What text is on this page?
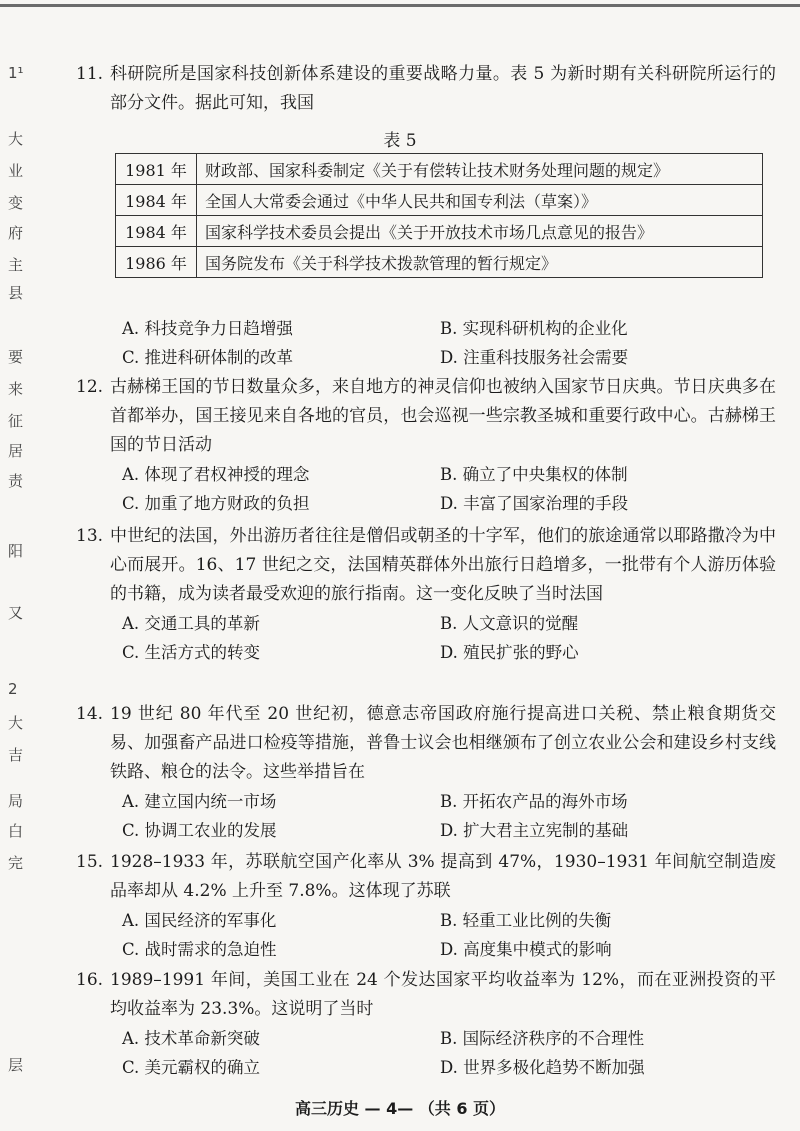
1¹
大
业
变
府
主
县
要
来
征
居
责
阳
又
2
大
吉
局
白
完
层
11. 科研院所是国家科技创新体系建设的重要战略力量。表 5 为新时期有关科研院所运行的部分文件。据此可知，我国
表 5
1981 年	财政部、国家科委制定《关于有偿转让技术财务处理问题的规定》
1984 年	全国人大常委会通过《中华人民共和国专利法（草案）》
1984 年	国家科学技术委员会提出《关于开放技术市场几点意见的报告》
1986 年	国务院发布《关于科学技术拨款管理的暂行规定》
A. 科技竞争力日趋增强	B. 实现科研机构的企业化
C. 推进科研体制的改革	D. 注重科技服务社会需要
12. 古赫梯王国的节日数量众多，来自地方的神灵信仰也被纳入国家节日庆典。节日庆典多在首都举办，国王接见来自各地的官员，也会巡视一些宗教圣城和重要行政中心。古赫梯王国的节日活动
A. 体现了君权神授的理念	B. 确立了中央集权的体制
C. 加重了地方财政的负担	D. 丰富了国家治理的手段
13. 中世纪的法国，外出游历者往往是僧侣或朝圣的十字军，他们的旅途通常以耶路撒冷为中心而展开。16、17 世纪之交，法国精英群体外出旅行日趋增多，一批带有个人游历体验的书籍，成为读者最受欢迎的旅行指南。这一变化反映了当时法国
A. 交通工具的革新	B. 人文意识的觉醒
C. 生活方式的转变	D. 殖民扩张的野心
14. 19 世纪 80 年代至 20 世纪初，德意志帝国政府施行提高进口关税、禁止粮食期货交易、加强畜产品进口检疫等措施，普鲁士议会也相继颁布了创立农业公会和建设乡村支线铁路、粮仓的法令。这些举措旨在
A. 建立国内统一市场	B. 开拓农产品的海外市场
C. 协调工农业的发展	D. 扩大君主立宪制的基础
15. 1928–1933 年，苏联航空国产化率从 3% 提高到 47%，1930–1931 年间航空制造废品率却从 4.2% 上升至 7.8%。这体现了苏联
A. 国民经济的军事化	B. 轻重工业比例的失衡
C. 战时需求的急迫性	D. 高度集中模式的影响
16. 1989–1991 年间，美国工业在 24 个发达国家平均收益率为 12%，而在亚洲投资的平均收益率为 23.3%。这说明了当时
A. 技术革命新突破	B. 国际经济秩序的不合理性
C. 美元霸权的确立	D. 世界多极化趋势不断加强
高三历史 — 4— （共 6 页）
